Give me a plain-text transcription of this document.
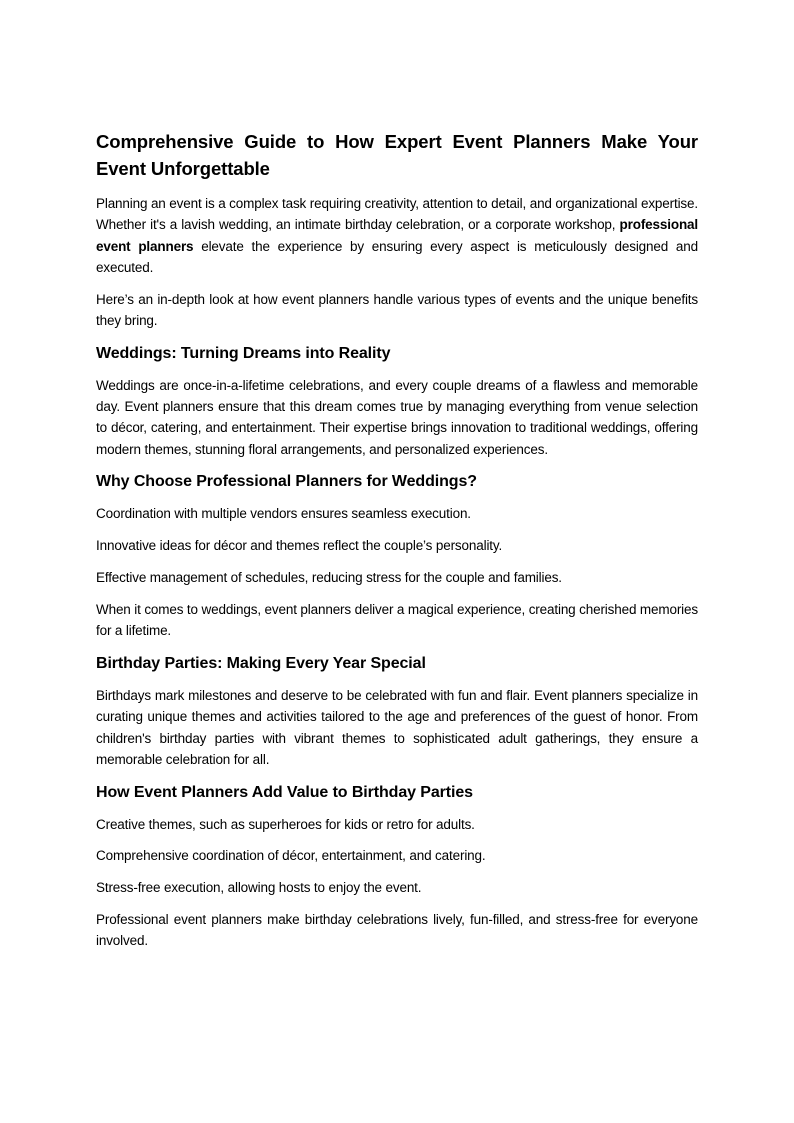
Comprehensive Guide to How Expert Event Planners Make Your Event Unforgettable

Planning an event is a complex task requiring creativity, attention to detail, and organizational expertise. Whether it's a lavish wedding, an intimate birthday celebration, or a corporate workshop, professional event planners elevate the experience by ensuring every aspect is meticulously designed and executed.

Here’s an in-depth look at how event planners handle various types of events and the unique benefits they bring.

Weddings: Turning Dreams into Reality

Weddings are once-in-a-lifetime celebrations, and every couple dreams of a flawless and memorable day. Event planners ensure that this dream comes true by managing everything from venue selection to décor, catering, and entertainment. Their expertise brings innovation to traditional weddings, offering modern themes, stunning floral arrangements, and personalized experiences.

Why Choose Professional Planners for Weddings?

Coordination with multiple vendors ensures seamless execution.

Innovative ideas for décor and themes reflect the couple’s personality.

Effective management of schedules, reducing stress for the couple and families.

When it comes to weddings, event planners deliver a magical experience, creating cherished memories for a lifetime.

Birthday Parties: Making Every Year Special

Birthdays mark milestones and deserve to be celebrated with fun and flair. Event planners specialize in curating unique themes and activities tailored to the age and preferences of the guest of honor. From children's birthday parties with vibrant themes to sophisticated adult gatherings, they ensure a memorable celebration for all.

How Event Planners Add Value to Birthday Parties

Creative themes, such as superheroes for kids or retro for adults.

Comprehensive coordination of décor, entertainment, and catering.

Stress-free execution, allowing hosts to enjoy the event.

Professional event planners make birthday celebrations lively, fun-filled, and stress-free for everyone involved.
